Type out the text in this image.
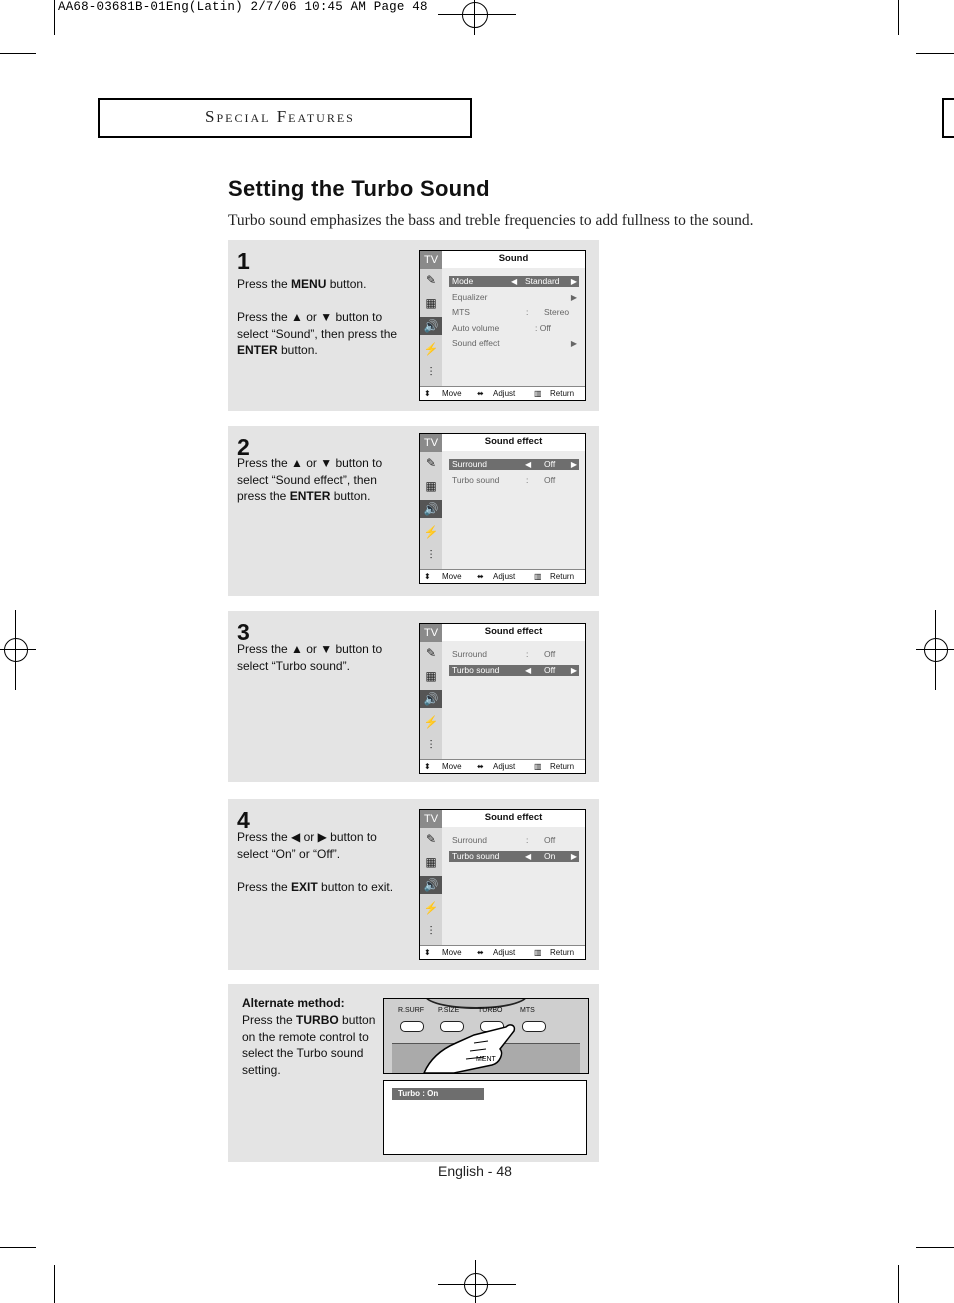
AA68-03681B-01Eng(Latin) 2/7/06 10:45 AM Page 48
Special Features
Setting the Turbo Sound
Turbo sound emphasizes the bass and treble frequencies to add fullness to the sound.
1
Press the MENU button.
Press the ▲ or ▼ button to
select “Sound”, then press the
ENTER button.
TV
✎
▦
🔊
⚡
⫶
Sound
Mode	Standard
◀	▶
Equalizer	▶
MTS	: Stereo
Auto volume	: Off
Sound effect	▶
⬍ Move ⬌ Adjust ▥ Return
2
Press the ▲ or ▼ button to
select “Sound effect”, then
press the ENTER button.
TV
✎
▦
🔊
⚡
⫶
Sound effect
Surround	Off
◀	▶
Turbo sound	: Off
⬍ Move ⬌ Adjust ▥ Return
3
Press the ▲ or ▼ button to
select “Turbo sound”.
TV
✎
▦
🔊
⚡
⫶
Sound effect
Surround	: Off
Turbo sound	Off
◀	▶
⬍ Move ⬌ Adjust ▥ Return
4
Press the ◀ or ▶ button to
select “On” or “Off”.
Press the EXIT button to exit.
TV
✎
▦
🔊
⚡
⫶
Sound effect
Surround	: Off
Turbo sound	On
◀	▶
⬍ Move ⬌ Adjust ▥ Return
Alternate method:
Press the TURBO button
on the remote control to
select the Turbo sound
setting.
R.SURF P.SIZE	TURBO	MTS
MENT
Turbo : On
English - 48
